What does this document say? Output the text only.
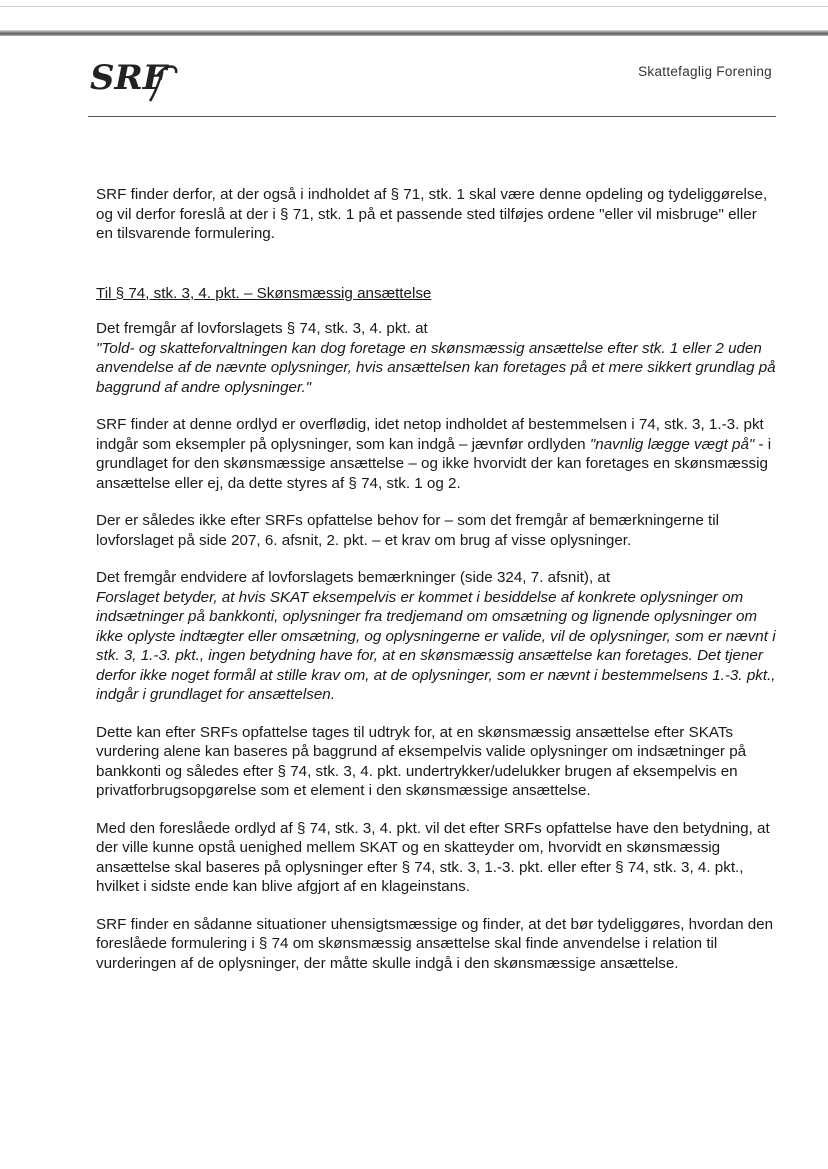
SRF	Skattefaglig Forening

SRF finder derfor, at der også i indholdet af § 71, stk. 1 skal være denne opdeling og tydeliggørelse, og vil derfor foreslå at der i § 71, stk. 1 på et passende sted tilføjes ordene "eller vil misbruge" eller en tilsvarende formulering.

Til § 74, stk. 3, 4. pkt. – Skønsmæssig ansættelse

Det fremgår af lovforslagets § 74, stk. 3, 4. pkt. at

"Told- og skatteforvaltningen kan dog foretage en skønsmæssig ansættelse efter stk. 1 eller 2 uden anvendelse af de nævnte oplysninger, hvis ansættelsen kan foretages på et mere sikkert grundlag på baggrund af andre oplysninger."

SRF finder at denne ordlyd er overflødig, idet netop indholdet af bestemmelsen i 74, stk. 3, 1.-3. pkt indgår som eksempler på oplysninger, som kan indgå – jævnfør ordlyden "navnlig lægge vægt på" - i grundlaget for den skønsmæssige ansættelse – og ikke hvorvidt der kan foretages en skønsmæssig ansættelse eller ej, da dette styres af § 74, stk. 1 og 2.

Der er således ikke efter SRFs opfattelse behov for – som det fremgår af bemærkningerne til lovforslaget på side 207, 6. afsnit, 2. pkt. – et krav om brug af visse oplysninger.

Det fremgår endvidere af lovforslagets bemærkninger (side 324, 7. afsnit), at

Forslaget betyder, at hvis SKAT eksempelvis er kommet i besiddelse af konkrete oplysninger om indsætninger på bankkonti, oplysninger fra tredjemand om omsætning og lignende oplysninger om ikke oplyste indtægter eller omsætning, og oplysningerne er valide, vil de oplysninger, som er nævnt i stk. 3, 1.-3. pkt., ingen betydning have for, at en skønsmæssig ansættelse kan foretages. Det tjener derfor ikke noget formål at stille krav om, at de oplysninger, som er nævnt i bestemmelsens 1.-3. pkt., indgår i grundlaget for ansættelsen.

Dette kan efter SRFs opfattelse tages til udtryk for, at en skønsmæssig ansættelse efter SKATs vurdering alene kan baseres på baggrund af eksempelvis valide oplysninger om indsætninger på bankkonti og således efter § 74, stk. 3, 4. pkt. undertrykker/udelukker brugen af eksempelvis en privatforbrugsopgørelse som et element i den skønsmæssige ansættelse.

Med den foreslåede ordlyd af § 74, stk. 3, 4. pkt. vil det efter SRFs opfattelse have den betydning, at der ville kunne opstå uenighed mellem SKAT og en skatteyder om, hvorvidt en skønsmæssig ansættelse skal baseres på oplysninger efter § 74, stk. 3, 1.-3. pkt. eller efter § 74, stk. 3, 4. pkt., hvilket i sidste ende kan blive afgjort af en klageinstans.

SRF finder en sådanne situationer uhensigtsmæssige og finder, at det bør tydeliggøres, hvordan den foreslåede formulering i § 74 om skønsmæssig ansættelse skal finde anvendelse i relation til vurderingen af de oplysninger, der måtte skulle indgå i den skønsmæssige ansættelse.
